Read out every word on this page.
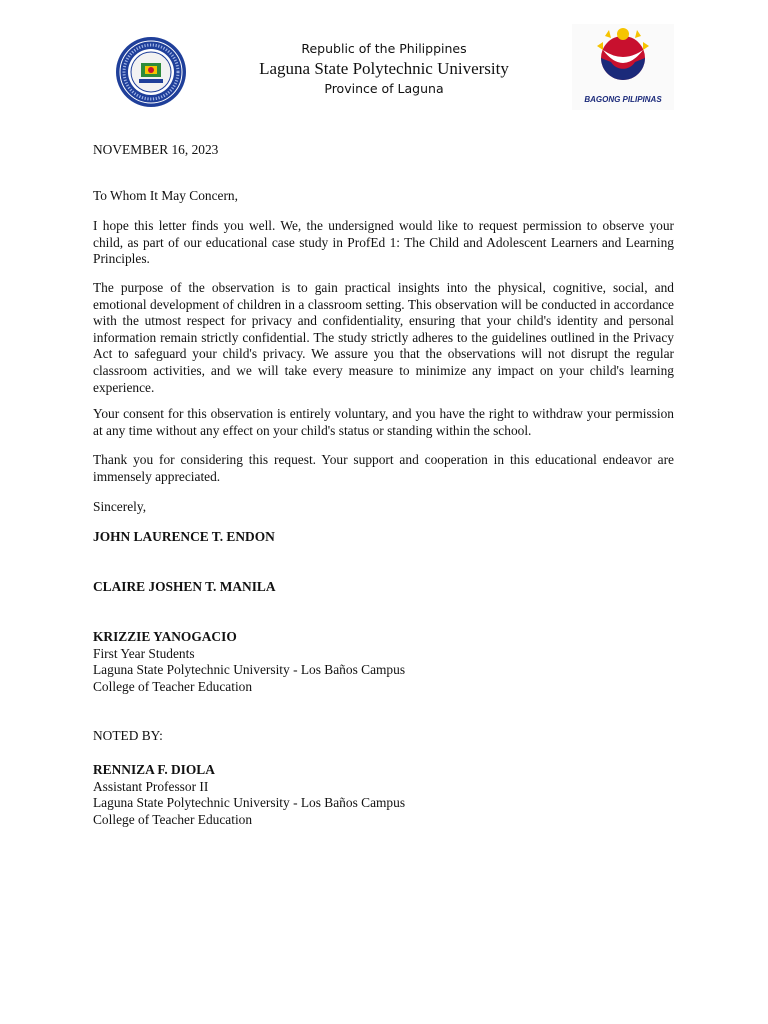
Republic of the Philippines
Laguna State Polytechnic University
Province of Laguna
BAGONG PILIPINAS

NOVEMBER 16, 2023

To Whom It May Concern,

I hope this letter finds you well. We, the undersigned would like to request permission to observe your child, as part of our educational case study in ProfEd 1: The Child and Adolescent Learners and Learning Principles.

The purpose of the observation is to gain practical insights into the physical, cognitive, social, and emotional development of children in a classroom setting. This observation will be conducted in accordance with the utmost respect for privacy and confidentiality, ensuring that your child's identity and personal information remain strictly confidential. The study strictly adheres to the guidelines outlined in the Privacy Act to safeguard your child's privacy. We assure you that the observations will not disrupt the regular classroom activities, and we will take every measure to minimize any impact on your child's learning experience.

Your consent for this observation is entirely voluntary, and you have the right to withdraw your permission at any time without any effect on your child's status or standing within the school.

Thank you for considering this request. Your support and cooperation in this educational endeavor are immensely appreciated.

Sincerely,

JOHN LAURENCE T. ENDON

CLAIRE JOSHEN T. MANILA

KRIZZIE YANOGACIO
First Year Students
Laguna State Polytechnic University - Los Baños Campus
College of Teacher Education

NOTED BY:

RENNIZA F. DIOLA
Assistant Professor II
Laguna State Polytechnic University - Los Baños Campus
College of Teacher Education
